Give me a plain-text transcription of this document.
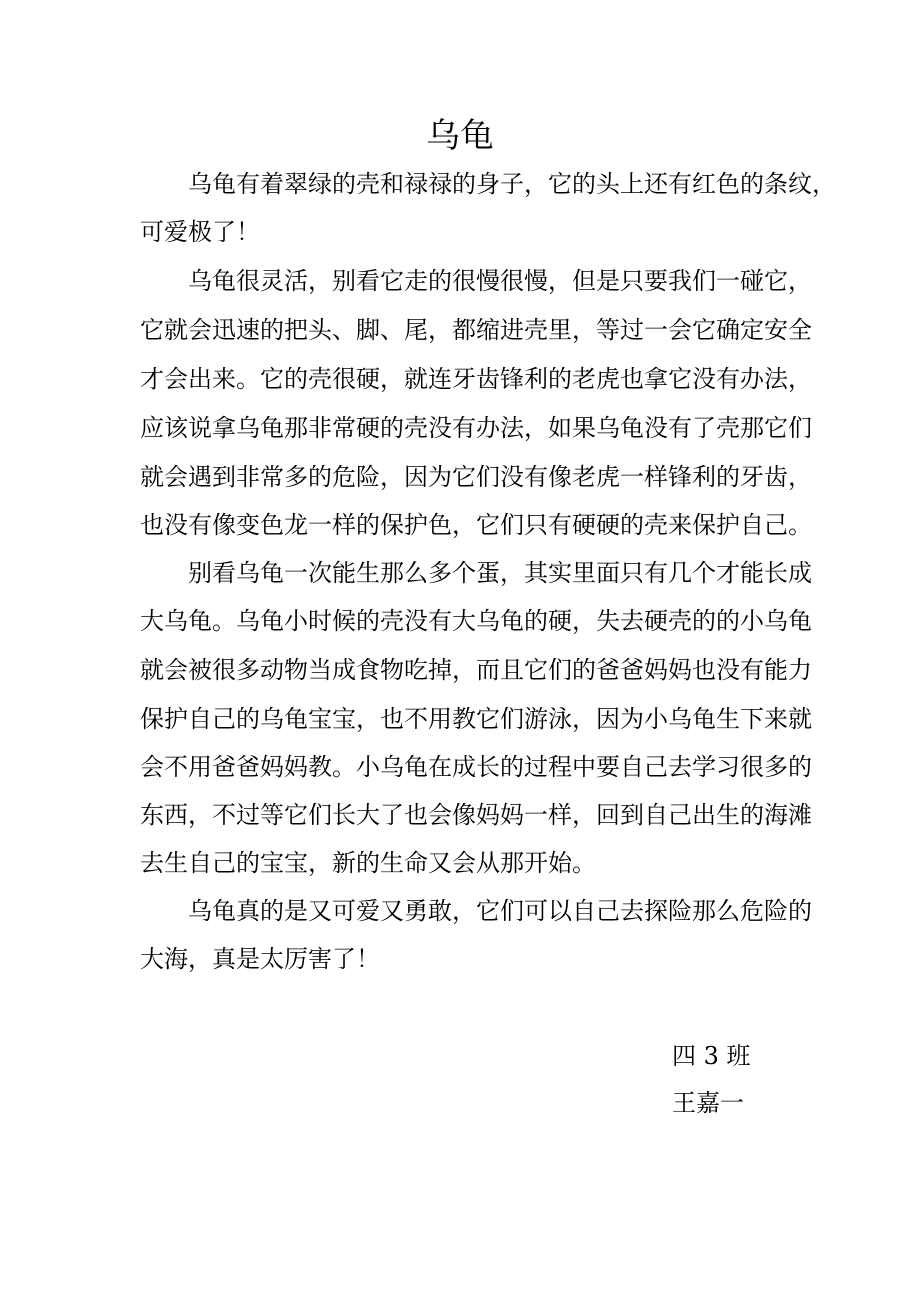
乌龟
乌龟有着翠绿的壳和禄禄的身子，它的头上还有红色的条纹，
可爱极了！
乌龟很灵活，别看它走的很慢很慢，但是只要我们一碰它，
它就会迅速的把头、脚、尾，都缩进壳里，等过一会它确定安全
才会出来。它的壳很硬，就连牙齿锋利的老虎也拿它没有办法，
应该说拿乌龟那非常硬的壳没有办法，如果乌龟没有了壳那它们
就会遇到非常多的危险，因为它们没有像老虎一样锋利的牙齿，
也没有像变色龙一样的保护色，它们只有硬硬的壳来保护自己。
别看乌龟一次能生那么多个蛋，其实里面只有几个才能长成
大乌龟。乌龟小时候的壳没有大乌龟的硬，失去硬壳的的小乌龟
就会被很多动物当成食物吃掉，而且它们的爸爸妈妈也没有能力
保护自己的乌龟宝宝，也不用教它们游泳，因为小乌龟生下来就
会不用爸爸妈妈教。小乌龟在成长的过程中要自己去学习很多的
东西，不过等它们长大了也会像妈妈一样，回到自己出生的海滩
去生自己的宝宝，新的生命又会从那开始。
乌龟真的是又可爱又勇敢，它们可以自己去探险那么危险的
大海，真是太厉害了！
四 3 班
王嘉一
